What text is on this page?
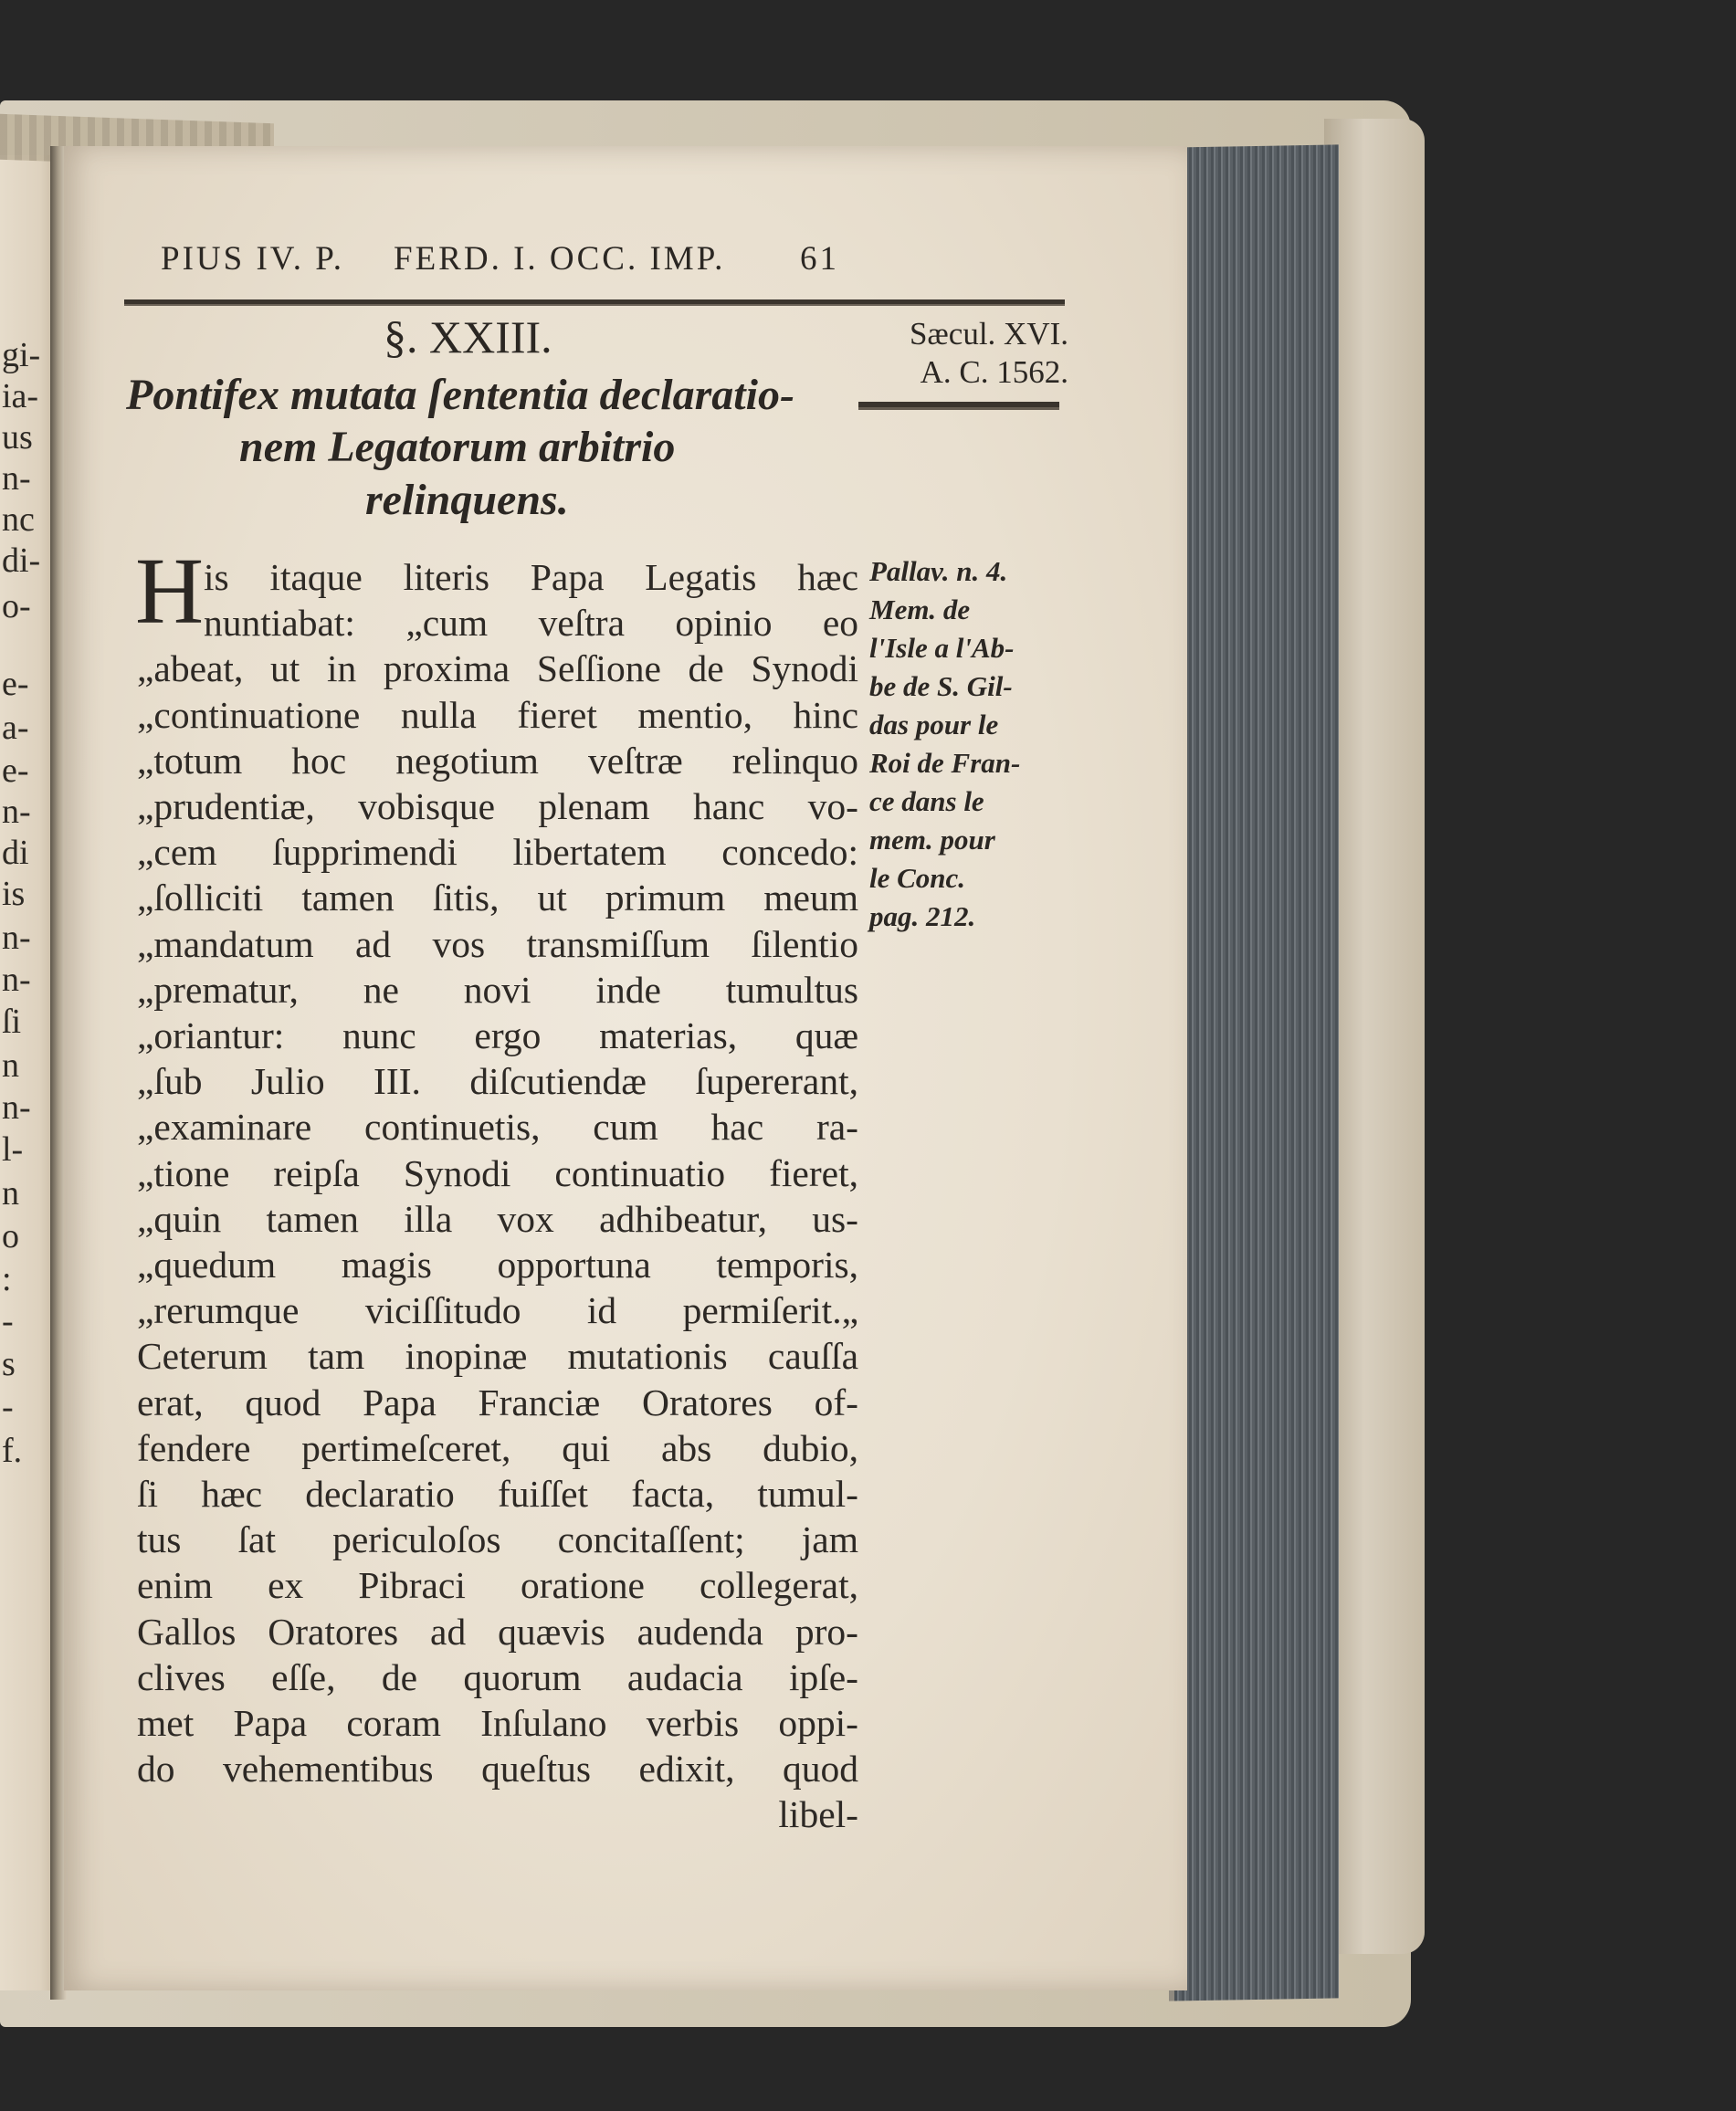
gi-
ia-
us
n-
nc
di-
o-
e-
a-
e-
n-
di
is
n-
n-
ſi
n
n-
l-
n
o
:
-
s
-
f.
PIUS IV. P. FERD. I. OCC. IMP. 61
§. XXIII.	Sæcul. XVI.
A. C. 1562.
Pontifex mutata ſententia declaratio-
nem Legatorum arbitrio
relinquens.
H is itaque literis Papa Legatis hæc
nuntiabat: „cum veſtra opinio eo
„abeat, ut in proxima Seſſione de Synodi
„continuatione nulla fieret mentio, hinc
„totum hoc negotium veſtræ relinquo
„prudentiæ, vobisque plenam hanc vo-
„cem ſupprimendi libertatem concedo:
„ſolliciti tamen ſitis, ut primum meum
„mandatum ad vos transmiſſum ſilentio
„prematur, ne novi inde tumultus
„oriantur: nunc ergo materias, quæ
„ſub Julio III. diſcutiendæ ſupererant,
„examinare continuetis, cum hac ra-
„tione reipſa Synodi continuatio fieret,
„quin tamen illa vox adhibeatur, us-
„quedum magis opportuna temporis,
„rerumque viciſſitudo id permiſerit.„
Ceterum tam inopinæ mutationis cauſſa
erat, quod Papa Franciæ Oratores of-
fendere pertimeſceret, qui abs dubio,
ſi hæc declaratio fuiſſet facta, tumul-
tus ſat periculoſos concitaſſent; jam
enim ex Pibraci oratione collegerat,
Gallos Oratores ad quævis audenda pro-
clives eſſe, de quorum audacia ipſe-
met Papa coram Inſulano verbis oppi-
do vehementibus queſtus edixit, quod
libel-
Pallav. n. 4.
Mem. de
l'Isle a l'Ab-
be de S. Gil-
das pour le
Roi de Fran-
ce dans le
mem. pour
le Conc.
pag. 212.
